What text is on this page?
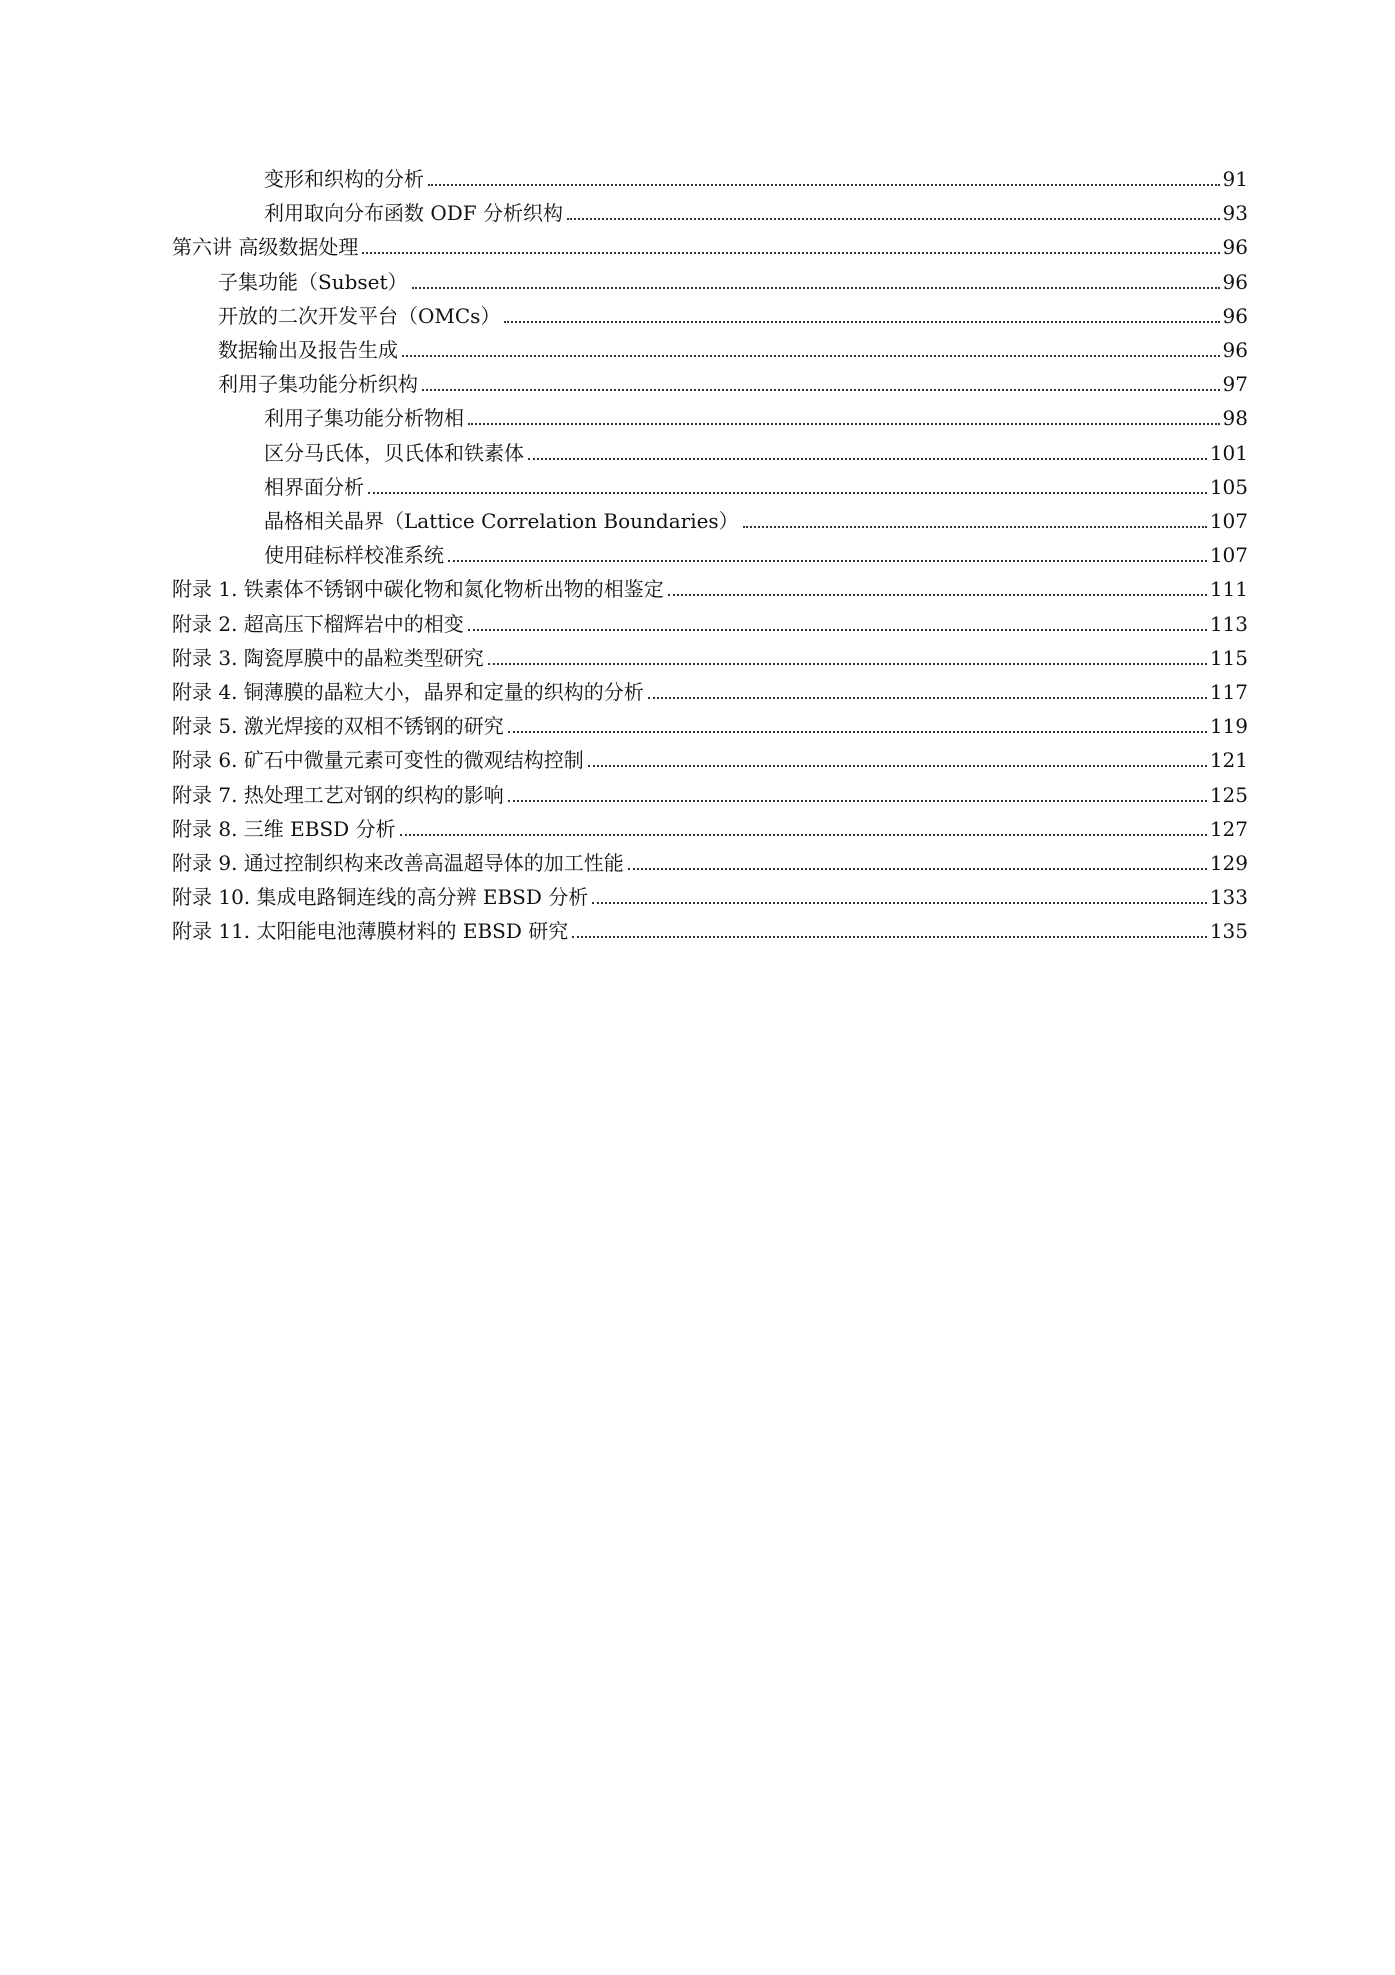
变形和织构的分析	91
利用取向分布函数 ODF 分析织构	93
第六讲 高级数据处理	96
子集功能（Subset）	96
开放的二次开发平台（OMCs）	96
数据输出及报告生成	96
利用子集功能分析织构	97
利用子集功能分析物相	98
区分马氏体，贝氏体和铁素体	101
相界面分析	105
晶格相关晶界（Lattice Correlation Boundaries）	107
使用硅标样校准系统	107
附录 1. 铁素体不锈钢中碳化物和氮化物析出物的相鉴定	111
附录 2. 超高压下榴辉岩中的相变	113
附录 3. 陶瓷厚膜中的晶粒类型研究	115
附录 4. 铜薄膜的晶粒大小，晶界和定量的织构的分析	117
附录 5. 激光焊接的双相不锈钢的研究	119
附录 6. 矿石中微量元素可变性的微观结构控制	121
附录 7. 热处理工艺对钢的织构的影响	125
附录 8. 三维 EBSD 分析	127
附录 9. 通过控制织构来改善高温超导体的加工性能	129
附录 10. 集成电路铜连线的高分辨 EBSD 分析	133
附录 11. 太阳能电池薄膜材料的 EBSD 研究	135
